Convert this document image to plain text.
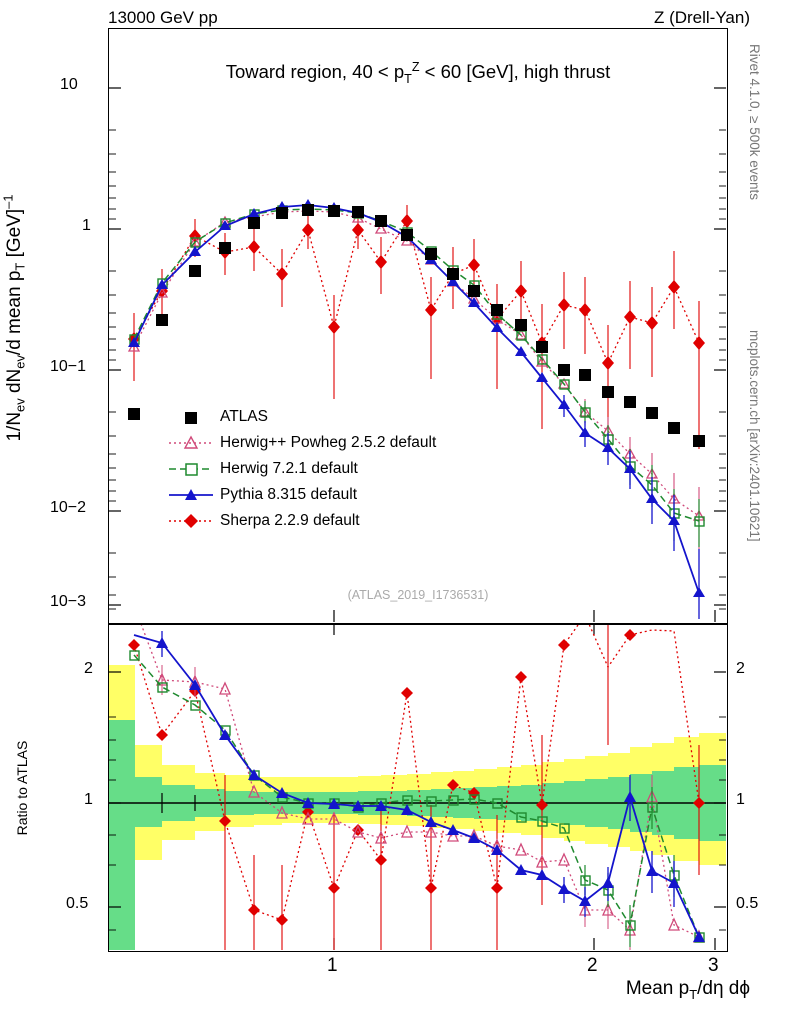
13000 GeV pp	Z (Drell-Yan)
Rivet 4.1.0, ≥ 500k events
mcplots.cern.ch [arXiv:2401.10621]
Toward region, $40 < p_T^Z < 60$ [GeV], high thrust
$1/N_{ev}$ $dN_{ev}/d$ mean $p_T$ [GeV]$^{-1}$
(ATLAS_2019_I1736531)
10
1
10−1
10−2
10−3
ATLAS
Herwig++ Powheg 2.5.2 default
Herwig 7.2.1 default
Pythia 8.315 default
Sherpa 2.2.9 default
Ratio to ATLAS
2
1
0.5
2
1
0.5
1	2	3
Mean $p_T/d\eta$ dϕ
